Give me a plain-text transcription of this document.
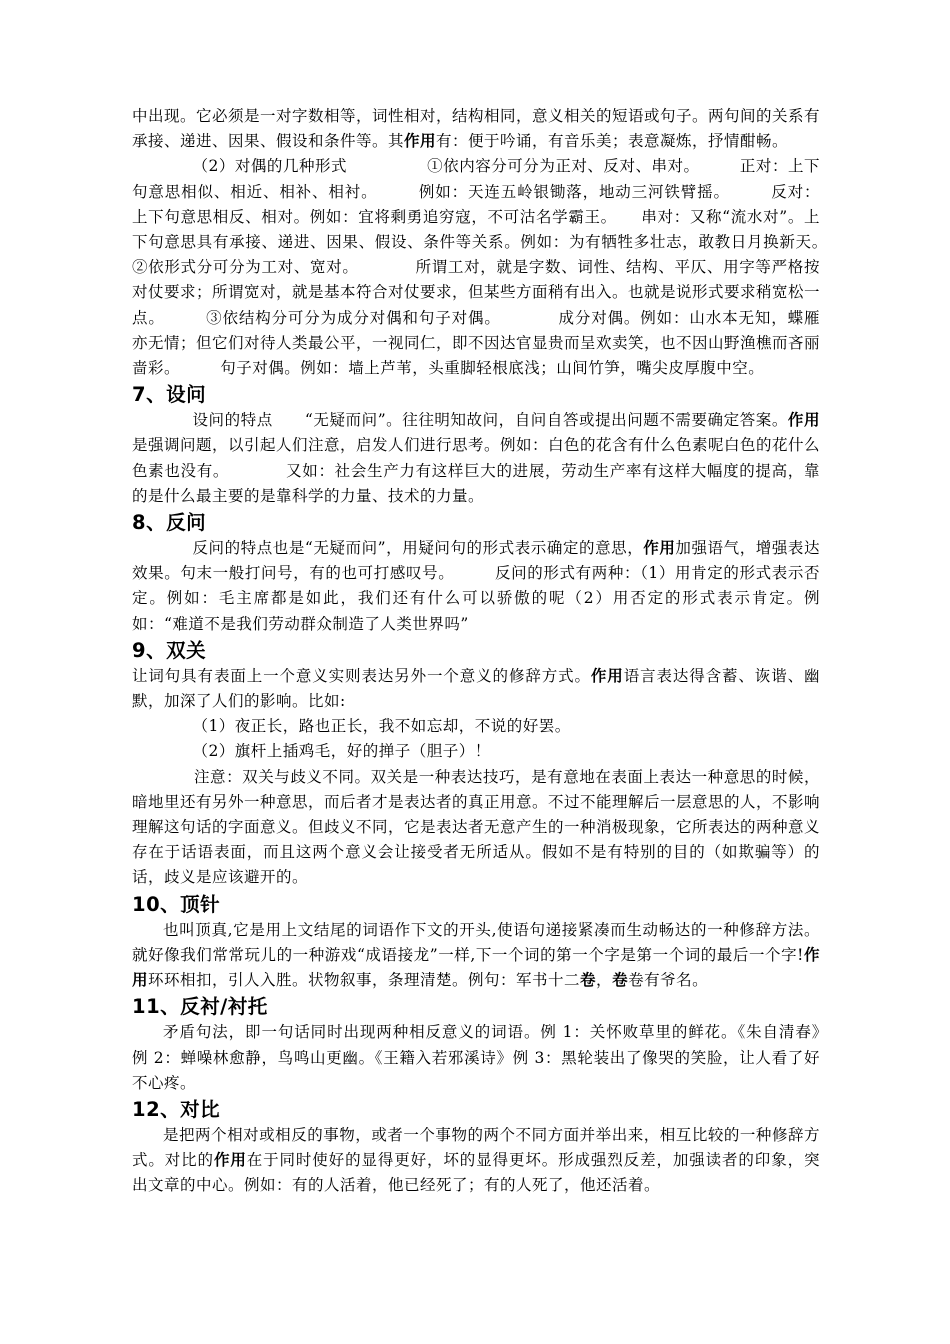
中出现。它必须是一对字数相等，词性相对，结构相同，意义相关的短语或句子。两句间的关系有承接、递进、因果、假设和条件等。其作用有：便于吟诵，有音乐美；表意凝炼，抒情酣畅。

（2）对偶的几种形式　　　　　①依内容分可分为正对、反对、串对。　　　正对：上下句意思相似、相近、相补、相衬。　　　例如：天连五岭银锄落，地动三河铁臂摇。　　　反对：上下句意思相反、相对。例如：宜将剩勇追穷寇，不可沽名学霸王。　　串对：又称“流水对”。上下句意思具有承接、递进、因果、假设、条件等关系。例如：为有牺牲多壮志，敢教日月换新天。　　　　②依形式分可分为工对、宽对。　　　　所谓工对，就是字数、词性、结构、平仄、用字等严格按对仗要求；所谓宽对，就是基本符合对仗要求，但某些方面稍有出入。也就是说形式要求稍宽松一点。　　　③依结构分可分为成分对偶和句子对偶。　　　　成分对偶。例如：山水本无知，蝶雁亦无情；但它们对待人类最公平，一视同仁，即不因达官显贵而呈欢卖笑，也不因山野渔樵而吝丽啬彩。　　　句子对偶。例如：墙上芦苇，头重脚轻根底浅；山间竹笋，嘴尖皮厚腹中空。

7、设问

设问的特点　　“无疑而问”。往往明知故问，自问自答或提出问题不需要确定答案。作用是强调问题，以引起人们注意，启发人们进行思考。例如：白色的花含有什么色素呢白色的花什么色素也没有。　　　　又如：社会生产力有这样巨大的进展，劳动生产率有这样大幅度的提高，靠的是什么最主要的是靠科学的力量、技术的力量。

8、反问

反问的特点也是“无疑而问”，用疑问句的形式表示确定的意思，作用加强语气，增强表达效果。句末一般打问号，有的也可打感叹号。　　　反问的形式有两种：（1）用肯定的形式表示否定。例如：毛主席都是如此，我们还有什么可以骄傲的呢（2）用否定的形式表示肯定。例如：“难道不是我们劳动群众制造了人类世界吗”

9、双关

让词句具有表面上一个意义实则表达另外一个意义的修辞方式。作用语言表达得含蓄、诙谐、幽默，加深了人们的影响。比如:

（1）夜正长，路也正长，我不如忘却，不说的好罢。

（2）旗杆上插鸡毛，好的掸子（胆子）！

注意：双关与歧义不同。双关是一种表达技巧，是有意地在表面上表达一种意思的时候，暗地里还有另外一种意思，而后者才是表达者的真正用意。不过不能理解后一层意思的人，不影响理解这句话的字面意义。但歧义不同，它是表达者无意产生的一种消极现象，它所表达的两种意义存在于话语表面，而且这两个意义会让接受者无所适从。假如不是有特别的目的（如欺骗等）的话，歧义是应该避开的。

10、顶针

也叫顶真,它是用上文结尾的词语作下文的开头,使语句递接紧凑而生动畅达的一种修辞方法。就好像我们常常玩儿的一种游戏“成语接龙”一样,下一个词的第一个字是第一个词的最后一个字!作用环环相扣，引人入胜。状物叙事，条理清楚。例句：军书十二卷，卷卷有爷名。

11、反衬/衬托

矛盾句法，即一句话同时出现两种相反意义的词语。例 1：关怀败草里的鲜花。《朱自清春》　例 2：蝉噪林愈静，鸟鸣山更幽。《王籍入若邪溪诗》例 3：黑轮装出了像哭的笑脸，让人看了好不心疼。

12、对比

是把两个相对或相反的事物，或者一个事物的两个不同方面并举出来，相互比较的一种修辞方式。对比的作用在于同时使好的显得更好，坏的显得更坏。形成强烈反差，加强读者的印象，突出文章的中心。例如：有的人活着，他已经死了；有的人死了，他还活着。
